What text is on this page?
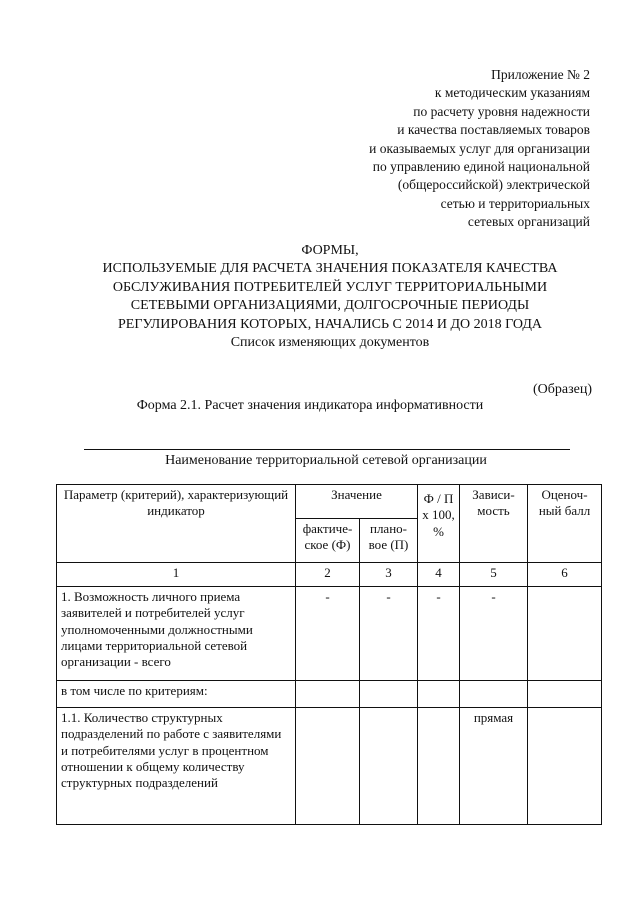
Приложение № 2
к методическим указаниям
по расчету уровня надежности
и качества поставляемых товаров
и оказываемых услуг для организации
по управлению единой национальной
(общероссийской) электрической
сетью и территориальных
сетевых организаций
ФОРМЫ,
ИСПОЛЬЗУЕМЫЕ ДЛЯ РАСЧЕТА ЗНАЧЕНИЯ ПОКАЗАТЕЛЯ КАЧЕСТВА
ОБСЛУЖИВАНИЯ ПОТРЕБИТЕЛЕЙ УСЛУГ ТЕРРИТОРИАЛЬНЫМИ
СЕТЕВЫМИ ОРГАНИЗАЦИЯМИ, ДОЛГОСРОЧНЫЕ ПЕРИОДЫ
РЕГУЛИРОВАНИЯ КОТОРЫХ, НАЧАЛИСЬ С 2014 И ДО 2018 ГОДА
Список изменяющих документов
(Образец)
Форма 2.1. Расчет значения индикатора информативности
Наименование территориальной сетевой организации
Параметр (критерий), характеризующий индикатор	Значение		Ф / П х 100, %	Зависи-мость	Оценоч-ный балл
	фактиче-ское (Ф)	плано-вое (П)			
1	2	3	4	5	6
1. Возможность личного приема заявителей и потребителей услуг уполномоченными должностными лицами территориальной сетевой организации - всего	-	-	-	-	
в том числе по критериям:					
1.1. Количество структурных подразделений по работе с заявителями и потребителями услуг в процентном отношении к общему количеству структурных подразделений				прямая	
